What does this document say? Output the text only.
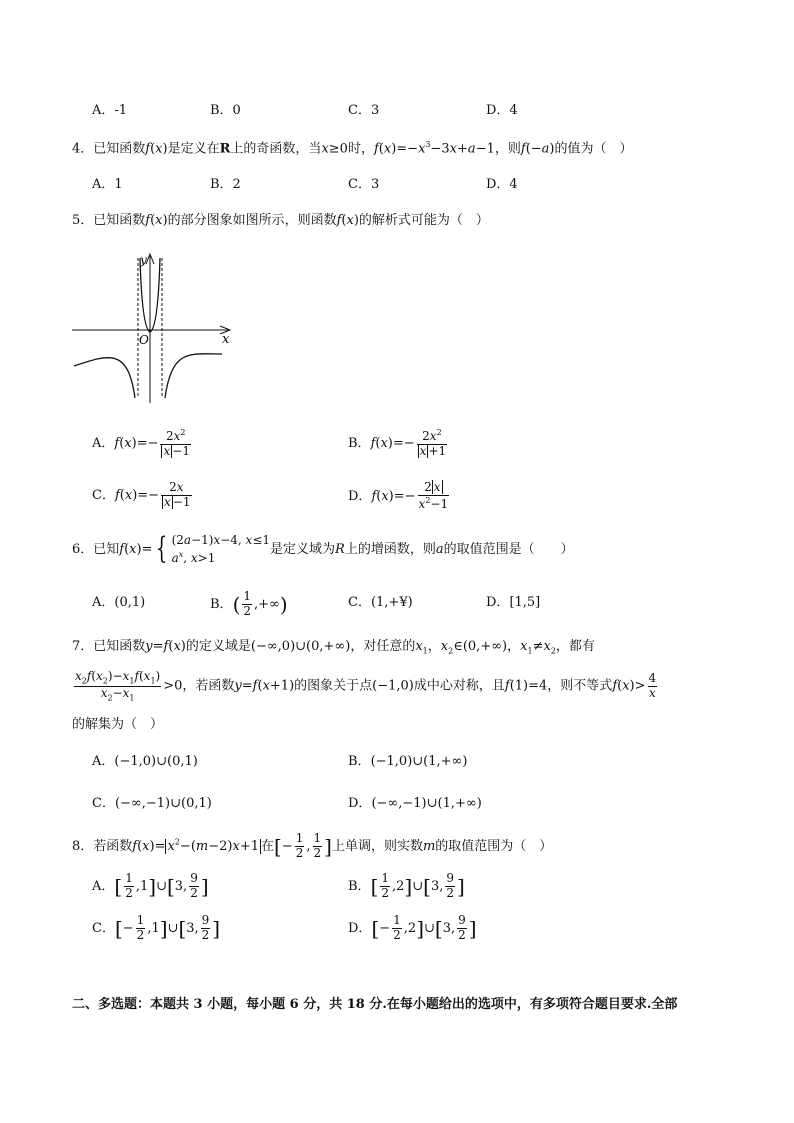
A．-1	B．0	C．3	D．4
4．已知函数f(x)是定义在R上的奇函数，当x≥0时，$f(x)=-x^3-3x+a-1$，则f(−a)的值为（　）
A．1	B．2	C．3	D．4
5．已知函数f(x)的部分图象如图所示，则函数f(x)的解析式可能为（　）
y
x
O
A．$f(x)=- \frac{2x^2}{x -1}$	B．$f(x)=- \frac{2x^2}{x +1}$
C．$f(x)=- \frac{2x}{x -1}$	D．$f(x)=- \frac{2 x}{x^2-1}$
6．已知f(x)= { (2a−1)x−4, x≤1
$a^x$, x>1是定义域为R上的增函数，则a的取值范围是（　　）
A．(0,1)	B．( $\frac{1}{2}$ ,+∞)	C．(1,+¥)	D．[1,5]
7．已知函数y=f(x)的定义域是(−∞,0)∪(0,+∞)，对任意的$x_1$，$x_2\in(0,+\infty)$，$x_1\ne x_2$，都有
$\frac{x_2f(x_2)-x_1f(x_1)}{x_2-x_1} >0$，若函数y=f(x+1)的图象关于点(−1,0)成中心对称，且f(1)=4，则不等式$f(x)> \frac{4}{x}$
的解集为（　）
A．(−1,0)∪(0,1)	B．(−1,0)∪(1,+∞)
C．(−∞,−1)∪(0,1)	D．(−∞,−1)∪(1,+∞)
8．若函数$f(x)= x^2-(m-2)x+1$ 在[− $\frac{1}{2}$ , $\frac{1}{2}$ ]上单调，则实数m的取值范围为（　）
A．[ $\frac{1}{2}$ ,1]∪[3, $\frac{9}{2}$ ]	B．[ $\frac{1}{2}$ ,2]∪[3, $\frac{9}{2}$ ]
C．[− $\frac{1}{2}$ ,1]∪[3, $\frac{9}{2}$ ]	D．[− $\frac{1}{2}$ ,2]∪[3, $\frac{9}{2}$ ]
二、多选题：本题共 3 小题，每小题 6 分，共 18 分.在每小题给出的选项中，有多项符合题目要求.全部
